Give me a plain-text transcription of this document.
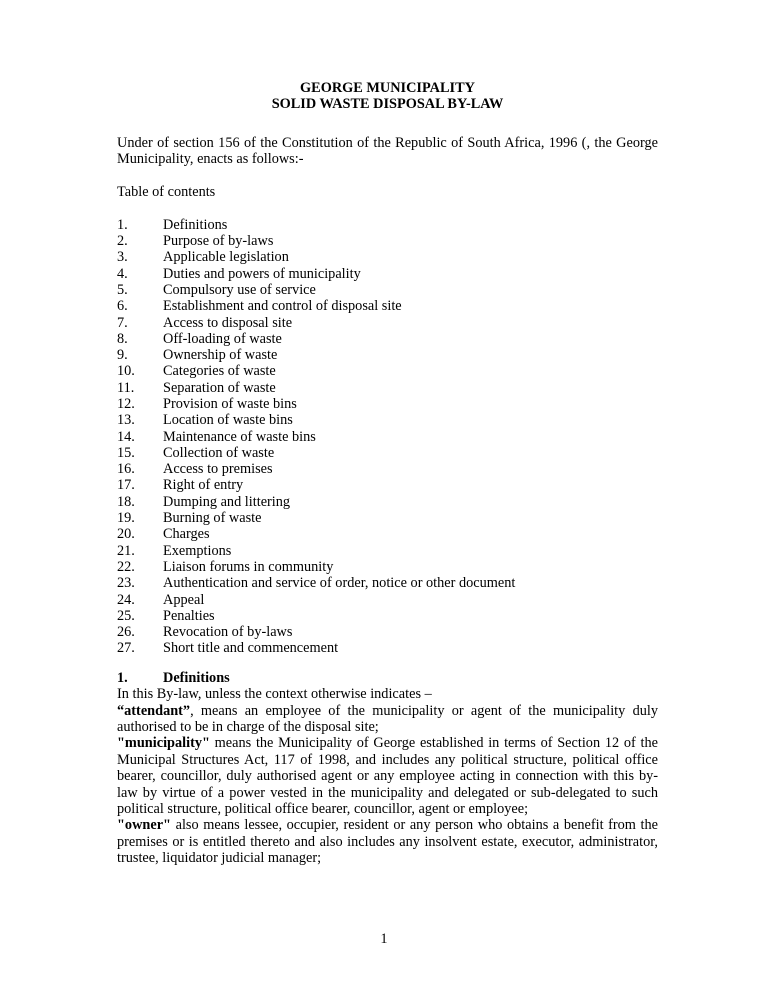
GEORGE MUNICIPALITY
SOLID WASTE DISPOSAL BY-LAW

Under of section 156 of the Constitution of the Republic of South Africa, 1996 (, the George Municipality, enacts as follows:-

Table of contents

1.	Definitions
2.	Purpose of by-laws
3.	Applicable legislation
4.	Duties and powers of municipality
5.	Compulsory use of service
6.	Establishment and control of disposal site
7.	Access to disposal site
8.	Off-loading of waste
9.	Ownership of waste
10.	Categories of waste
11.	Separation of waste
12.	Provision of waste bins
13.	Location of waste bins
14.	Maintenance of waste bins
15.	Collection of waste
16.	Access to premises
17.	Right of entry
18.	Dumping and littering
19.	Burning of waste
20.	Charges
21.	Exemptions
22.	Liaison forums in community
23.	Authentication and service of order, notice or other document
24.	Appeal
25.	Penalties
26.	Revocation of by-laws
27.	Short title and commencement
1.	Definitions

In this By-law, unless the context otherwise indicates –

“attendant”, means an employee of the municipality or agent of the municipality duly authorised to be in charge of the disposal site;

"municipality" means the Municipality of George established in terms of Section 12 of the Municipal Structures Act, 117 of 1998, and includes any political structure, political office bearer, councillor, duly authorised agent or any employee acting in connection with this by-law by virtue of a power vested in the municipality and delegated or sub-delegated to such political structure, political office bearer, councillor, agent or employee;

"owner" also means lessee, occupier, resident or any person who obtains a benefit from the premises or is entitled thereto and also includes any insolvent estate, executor, administrator, trustee, liquidator judicial manager;

1
